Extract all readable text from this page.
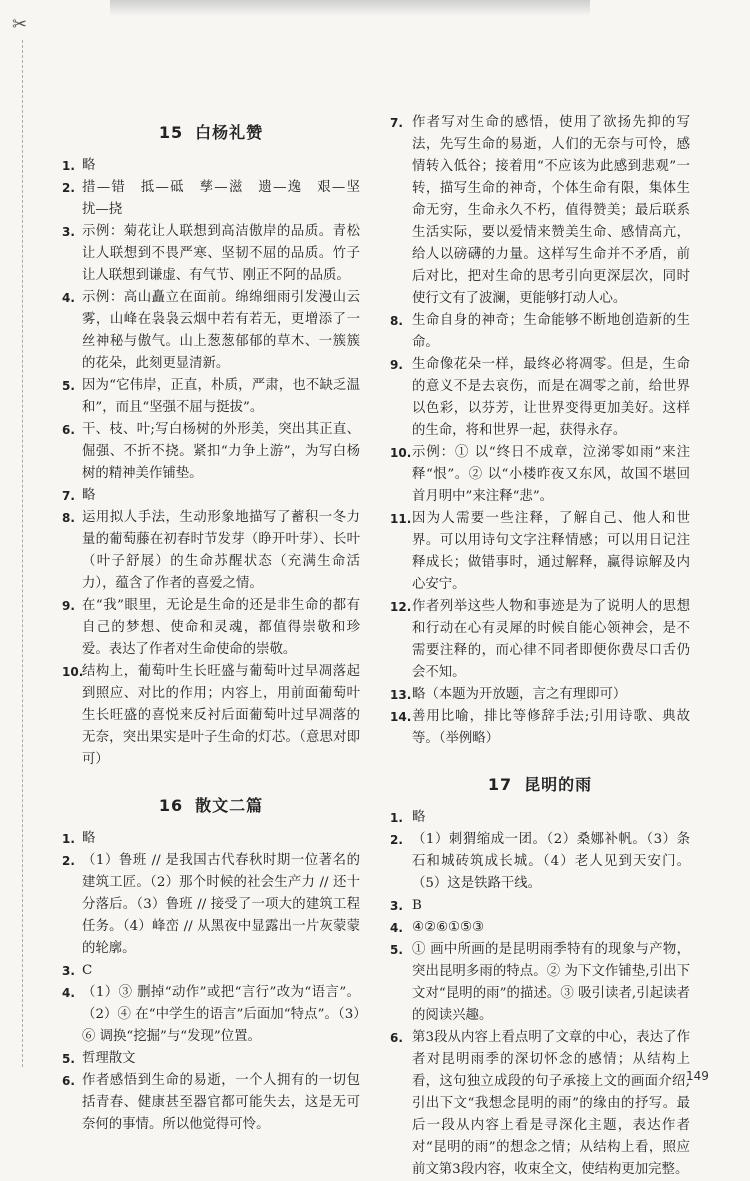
✂
15 白杨礼赞
1. 略
2. 措—错　抵—砥　孳—滋　遗—逸　艰—坚　扰—挠
3. 示例：菊花让人联想到高洁傲岸的品质。青松让人联想到不畏严寒、坚韧不屈的品质。竹子让人联想到谦虚、有气节、刚正不阿的品质。
4. 示例：高山矗立在面前。绵绵细雨引发漫山云雾，山峰在袅袅云烟中若有若无，更增添了一丝神秘与傲气。山上葱葱郁郁的草木、一簇簇的花朵，此刻更显清新。
5. 因为“它伟岸，正直，朴质，严肃，也不缺乏温和”，而且“坚强不屈与挺拔”。
6. 干、枝、叶;写白杨树的外形美，突出其正直、倔强、不折不挠。紧扣“力争上游”，为写白杨树的精神美作铺垫。
7. 略
8. 运用拟人手法，生动形象地描写了蓄积一冬力量的葡萄藤在初春时节发芽（睁开叶芽）、长叶（叶子舒展）的生命苏醒状态（充满生命活力），蕴含了作者的喜爱之情。
9. 在“我”眼里，无论是生命的还是非生命的都有自己的梦想、使命和灵魂，都值得崇敬和珍爱。表达了作者对生命使命的崇敬。
10.
结构上，葡萄叶生长旺盛与葡萄叶过早凋落起到照应、对比的作用；内容上，用前面葡萄叶生长旺盛的喜悦来反衬后面葡萄叶过早凋落的无奈，突出果实是叶子生命的灯芯。（意思对即可）
16 散文二篇
1. 略
2. （1）鲁班 // 是我国古代春秋时期一位著名的建筑工匠。（2）那个时候的社会生产力 // 还十分落后。（3）鲁班 // 接受了一项大的建筑工程任务。（4）峰峦 // 从黑夜中显露出一片灰蒙蒙的轮廓。
3. C
4. （1）③ 删掉“动作”或把“言行”改为“语言”。（2）④ 在“中学生的语言”后面加“特点”。（3）⑥ 调换“挖掘”与“发现”位置。
5. 哲理散文
6. 作者感悟到生命的易逝，一个人拥有的一切包括青春、健康甚至器官都可能失去，这是无可奈何的事情。所以他觉得可怜。
7. 作者写对生命的感悟，使用了欲扬先抑的写法，先写生命的易逝，人们的无奈与可怜，感情转入低谷；接着用“不应该为此感到悲观”一转，描写生命的神奇，个体生命有限，集体生命无穷，生命永久不朽，值得赞美；最后联系生活实际，要以爱情来赞美生命、感情高亢，给人以磅礴的力量。这样写生命并不矛盾，前后对比，把对生命的思考引向更深层次，同时使行文有了波澜，更能够打动人心。
8. 生命自身的神奇；生命能够不断地创造新的生命。
9. 生命像花朵一样，最终必将凋零。但是，生命的意义不是去哀伤，而是在凋零之前，给世界以色彩，以芬芳，让世界变得更加美好。这样的生命，将和世界一起，获得永存。
10. 示例：① 以“终日不成章，泣涕零如雨”来注释“恨”。② 以“小楼昨夜又东风，故国不堪回首月明中”来注释“悲”。
11. 因为人需要一些注释，了解自己、他人和世界。可以用诗句文字注释情感；可以用日记注释成长；做错事时，通过解释，赢得谅解及内心安宁。
12. 作者列举这些人物和事迹是为了说明人的思想和行动在心有灵犀的时候自能心领神会，是不需要注释的，而心律不同者即便你费尽口舌仍会不知。
13. 略（本题为开放题，言之有理即可）
14. 善用比喻，排比等修辞手法;引用诗歌、典故等。（举例略）
17 昆明的雨
1. 略
2. （1）刺猬缩成一团。（2）桑娜补帆。（3）条石和城砖筑成长城。（4）老人见到天安门。（5）这是铁路干线。
3. B
4. ④②⑥①⑤③
5. ① 画中所画的是昆明雨季特有的现象与产物，突出昆明多雨的特点。② 为下文作铺垫,引出下文对“昆明的雨”的描述。③ 吸引读者,引起读者的阅读兴趣。
6. 第3段从内容上看点明了文章的中心，表达了作者对昆明雨季的深切怀念的感情；从结构上看，这句独立成段的句子承接上文的画面介绍,引出下文“我想念昆明的雨”的缘由的抒写。最后一段从内容上看是寻深化主题，表达作者对“昆明的雨”的想念之情；从结构上看，照应前文第3段内容，收束全文，使结构更加完整。
149
